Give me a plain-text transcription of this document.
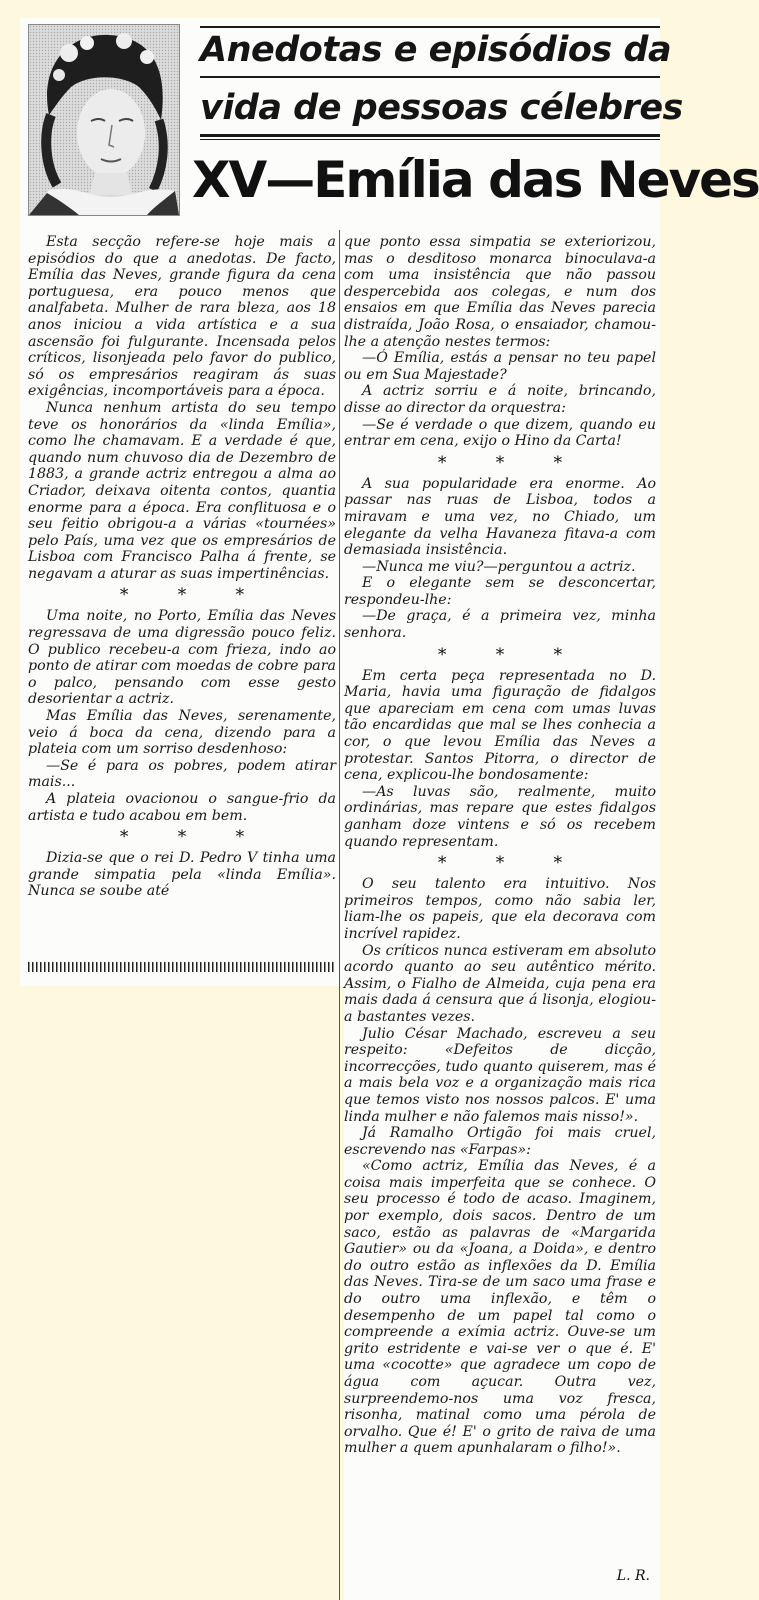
Anedotas e episódios da
vida de pessoas célebres
XV—Emília das Neves

Esta secção refere-se hoje mais a episódios do que a anedotas. De facto, Emília das Neves, grande figura da cena portuguesa, era pouco menos que analfabeta. Mulher de rara bleza, aos 18 anos iniciou a vida artística e a sua ascensão foi fulgurante. Incensada pelos críticos, lisonjeada pelo favor do publico, só os empresários reagiram ás suas exigências, incomportáveis para a época.

Nunca nenhum artista do seu tempo teve os honorários da «linda Emília», como lhe chamavam. E a verdade é que, quando num chuvoso dia de Dezembro de 1883, a grande actriz entregou a alma ao Criador, deixava oitenta contos, quantia enorme para a época. Era conflituosa e o seu feitio obrigou-a a várias «tournées» pelo País, uma vez que os empresários de Lisboa com Francisco Palha á frente, se negavam a aturar as suas impertinências.

* * *

Uma noite, no Porto, Emília das Neves regressava de uma digressão pouco feliz. O publico recebeu-a com frieza, indo ao ponto de atirar com moedas de cobre para o palco, pensando com esse gesto desorientar a actriz.

Mas Emília das Neves, serenamente, veio á boca da cena, dizendo para a plateia com um sorriso desdenhoso:

—Se é para os pobres, podem atirar mais...

A plateia ovacionou o sangue-frio da artista e tudo acabou em bem.

* * *

Dizia-se que o rei D. Pedro V tinha uma grande simpatia pela «linda Emília». Nunca se soube até

que ponto essa simpatia se exteriorizou, mas o desditoso monarca binoculava-a com uma insistência que não passou despercebida aos colegas, e num dos ensaios em que Emília das Neves parecia distraída, João Rosa, o ensaiador, chamou-lhe a atenção nestes termos:

—Ó Emília, estás a pensar no teu papel ou em Sua Majestade?

A actriz sorriu e á noite, brincando, disse ao director da orquestra:

—Se é verdade o que dizem, quando eu entrar em cena, exijo o Hino da Carta!

* * *

A sua popularidade era enorme. Ao passar nas ruas de Lisboa, todos a miravam e uma vez, no Chiado, um elegante da velha Havaneza fitava-a com demasiada insistência.

—Nunca me viu?—perguntou a actriz.

E o elegante sem se desconcertar, respondeu-lhe:

—De graça, é a primeira vez, minha senhora.

* * *

Em certa peça representada no D. Maria, havia uma figuração de fidalgos que apareciam em cena com umas luvas tão encardidas que mal se lhes conhecia a cor, o que levou Emília das Neves a protestar. Santos Pitorra, o director de cena, explicou-lhe bondosamente:

—As luvas são, realmente, muito ordinárias, mas repare que estes fidalgos ganham doze vintens e só os recebem quando representam.

* * *

O seu talento era intuitivo. Nos primeiros tempos, como não sabia ler, liam-lhe os papeis, que ela decorava com incrível rapidez.

Os críticos nunca estiveram em absoluto acordo quanto ao seu autêntico mérito. Assim, o Fialho de Almeida, cuja pena era mais dada á censura que á lisonja, elogiou-a bastantes vezes.

Julio César Machado, escreveu a seu respeito: «Defeitos de dicção, incorrecções, tudo quanto quiserem, mas é a mais bela voz e a organização mais rica que temos visto nos nossos palcos. E' uma linda mulher e não falemos mais nisso!».

Já Ramalho Ortigão foi mais cruel, escrevendo nas «Farpas»:

«Como actriz, Emília das Neves, é a coisa mais imperfeita que se conhece. O seu processo é todo de acaso. Imaginem, por exemplo, dois sacos. Dentro de um saco, estão as palavras de «Margarida Gautier» ou da «Joana, a Doida», e dentro do outro estão as inflexões da D. Emília das Neves. Tira-se de um saco uma frase e do outro uma inflexão, e têm o desempenho de um papel tal como o compreende a exímia actriz. Ouve-se um grito estridente e vai-se ver o que é. E' uma «cocotte» que agradece um copo de água com açucar. Outra vez, surpreendemo-nos uma voz fresca, risonha, matinal como uma pérola de orvalho. Que é! E' o grito de raiva de uma mulher a quem apunhalaram o filho!».

L. R.
